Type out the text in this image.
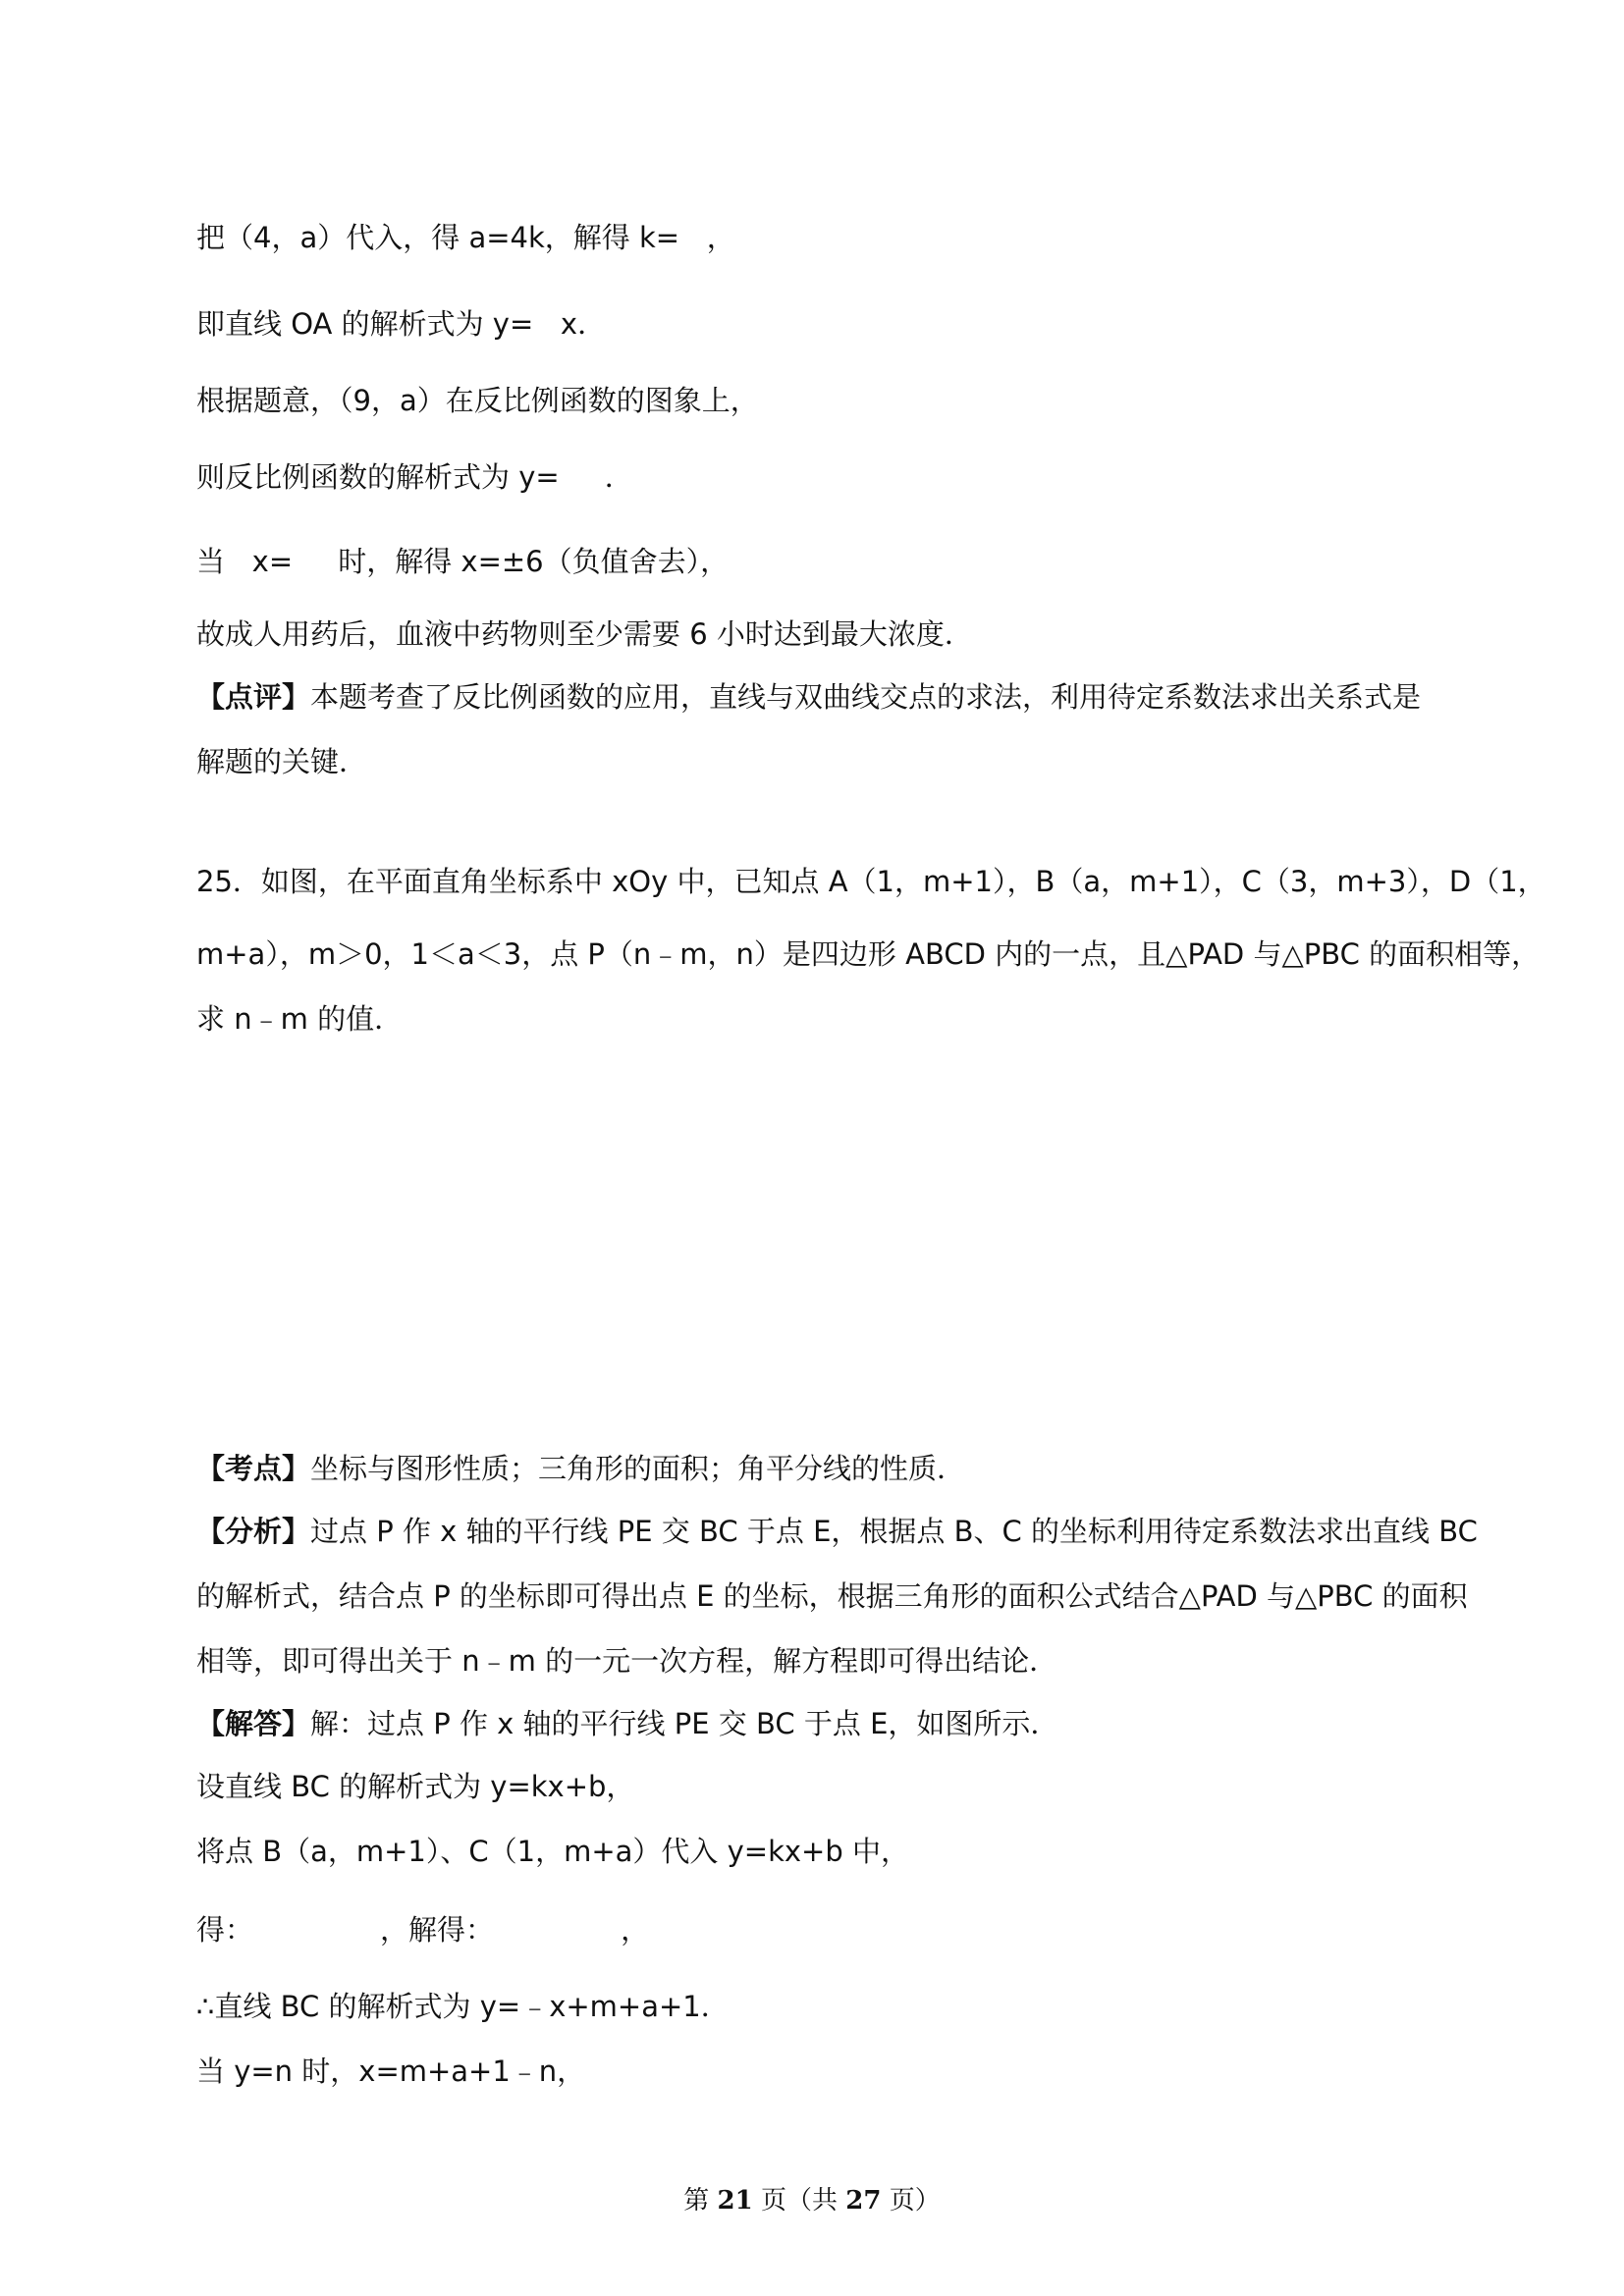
把（4，a）代入，得 a=4k，解得 k=   ，

即直线 OA 的解析式为 y=   x．

根据题意，（9，a）在反比例函数的图象上，

则反比例函数的解析式为 y=     ．

当   x=     时，解得 x=±6（负值舍去），

故成人用药后，血液中药物则至少需要 6 小时达到最大浓度．

【点评】本题考查了反比例函数的应用，直线与双曲线交点的求法，利用待定系数法求出关系式是

解题的关键．

25．如图，在平面直角坐标系中 xOy 中，已知点 A（1，m+1），B（a，m+1），C（3，m+3），D（1，

m+a），m＞0，1＜a＜3，点 P（n﹣m，n）是四边形 ABCD 内的一点，且△PAD 与△PBC 的面积相等，

求 n﹣m 的值．

【考点】坐标与图形性质；三角形的面积；角平分线的性质．

【分析】过点 P 作 x 轴的平行线 PE 交 BC 于点 E，根据点 B、C 的坐标利用待定系数法求出直线 BC

的解析式，结合点 P 的坐标即可得出点 E 的坐标，根据三角形的面积公式结合△PAD 与△PBC 的面积

相等，即可得出关于 n﹣m 的一元一次方程，解方程即可得出结论．

【解答】解：过点 P 作 x 轴的平行线 PE 交 BC 于点 E，如图所示．

设直线 BC 的解析式为 y=kx+b，

将点 B（a，m+1）、C（1，m+a）代入 y=kx+b 中，

得：              ，解得：              ，

∴直线 BC 的解析式为 y=﹣x+m+a+1．

当 y=n 时，x=m+a+1﹣n，

第 21 页（共 27 页）
